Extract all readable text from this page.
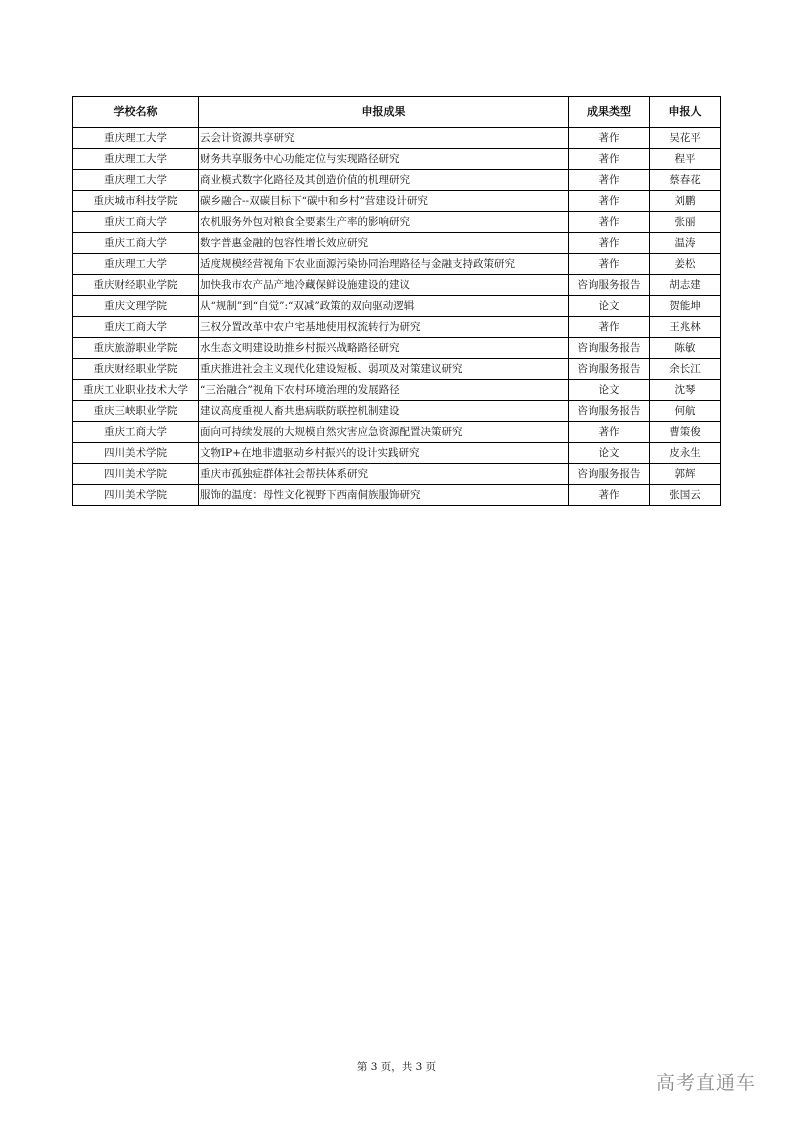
学校名称	申报成果	成果类型	申报人
重庆理工大学	云会计资源共享研究	著作	吴花平
重庆理工大学	财务共享服务中心功能定位与实现路径研究	著作	程平
重庆理工大学	商业模式数字化路径及其创造价值的机理研究	著作	蔡春花
重庆城市科技学院	碳乡融合--双碳目标下“碳中和乡村”营建设计研究	著作	刘鹏
重庆工商大学	农机服务外包对粮食全要素生产率的影响研究	著作	张丽
重庆工商大学	数字普惠金融的包容性增长效应研究	著作	温涛
重庆理工大学	适度规模经营视角下农业面源污染协同治理路径与金融支持政策研究	著作	姜松
重庆财经职业学院	加快我市农产品产地冷藏保鲜设施建设的建议	咨询服务报告	胡志建
重庆文理学院	从“规制”到“自觉”:“双减”政策的双向驱动逻辑	论文	贺能坤
重庆工商大学	三权分置改革中农户宅基地使用权流转行为研究	著作	王兆林
重庆旅游职业学院	水生态文明建设助推乡村振兴战略路径研究	咨询服务报告	陈敏
重庆财经职业学院	重庆推进社会主义现代化建设短板、弱项及对策建议研究	咨询服务报告	余长江
重庆工业职业技术大学	“三治融合”视角下农村环境治理的发展路径	论文	沈琴
重庆三峡职业学院	建议高度重视人畜共患病联防联控机制建设	咨询服务报告	何航
重庆工商大学	面向可持续发展的大规模自然灾害应急资源配置决策研究	著作	曹策俊
四川美术学院	文物IP+在地非遗驱动乡村振兴的设计实践研究	论文	皮永生
四川美术学院	重庆市孤独症群体社会帮扶体系研究	咨询服务报告	郭辉
四川美术学院	服饰的温度：母性文化视野下西南侗族服饰研究	著作	张国云
第 3 页，共 3 页
高考直通车
